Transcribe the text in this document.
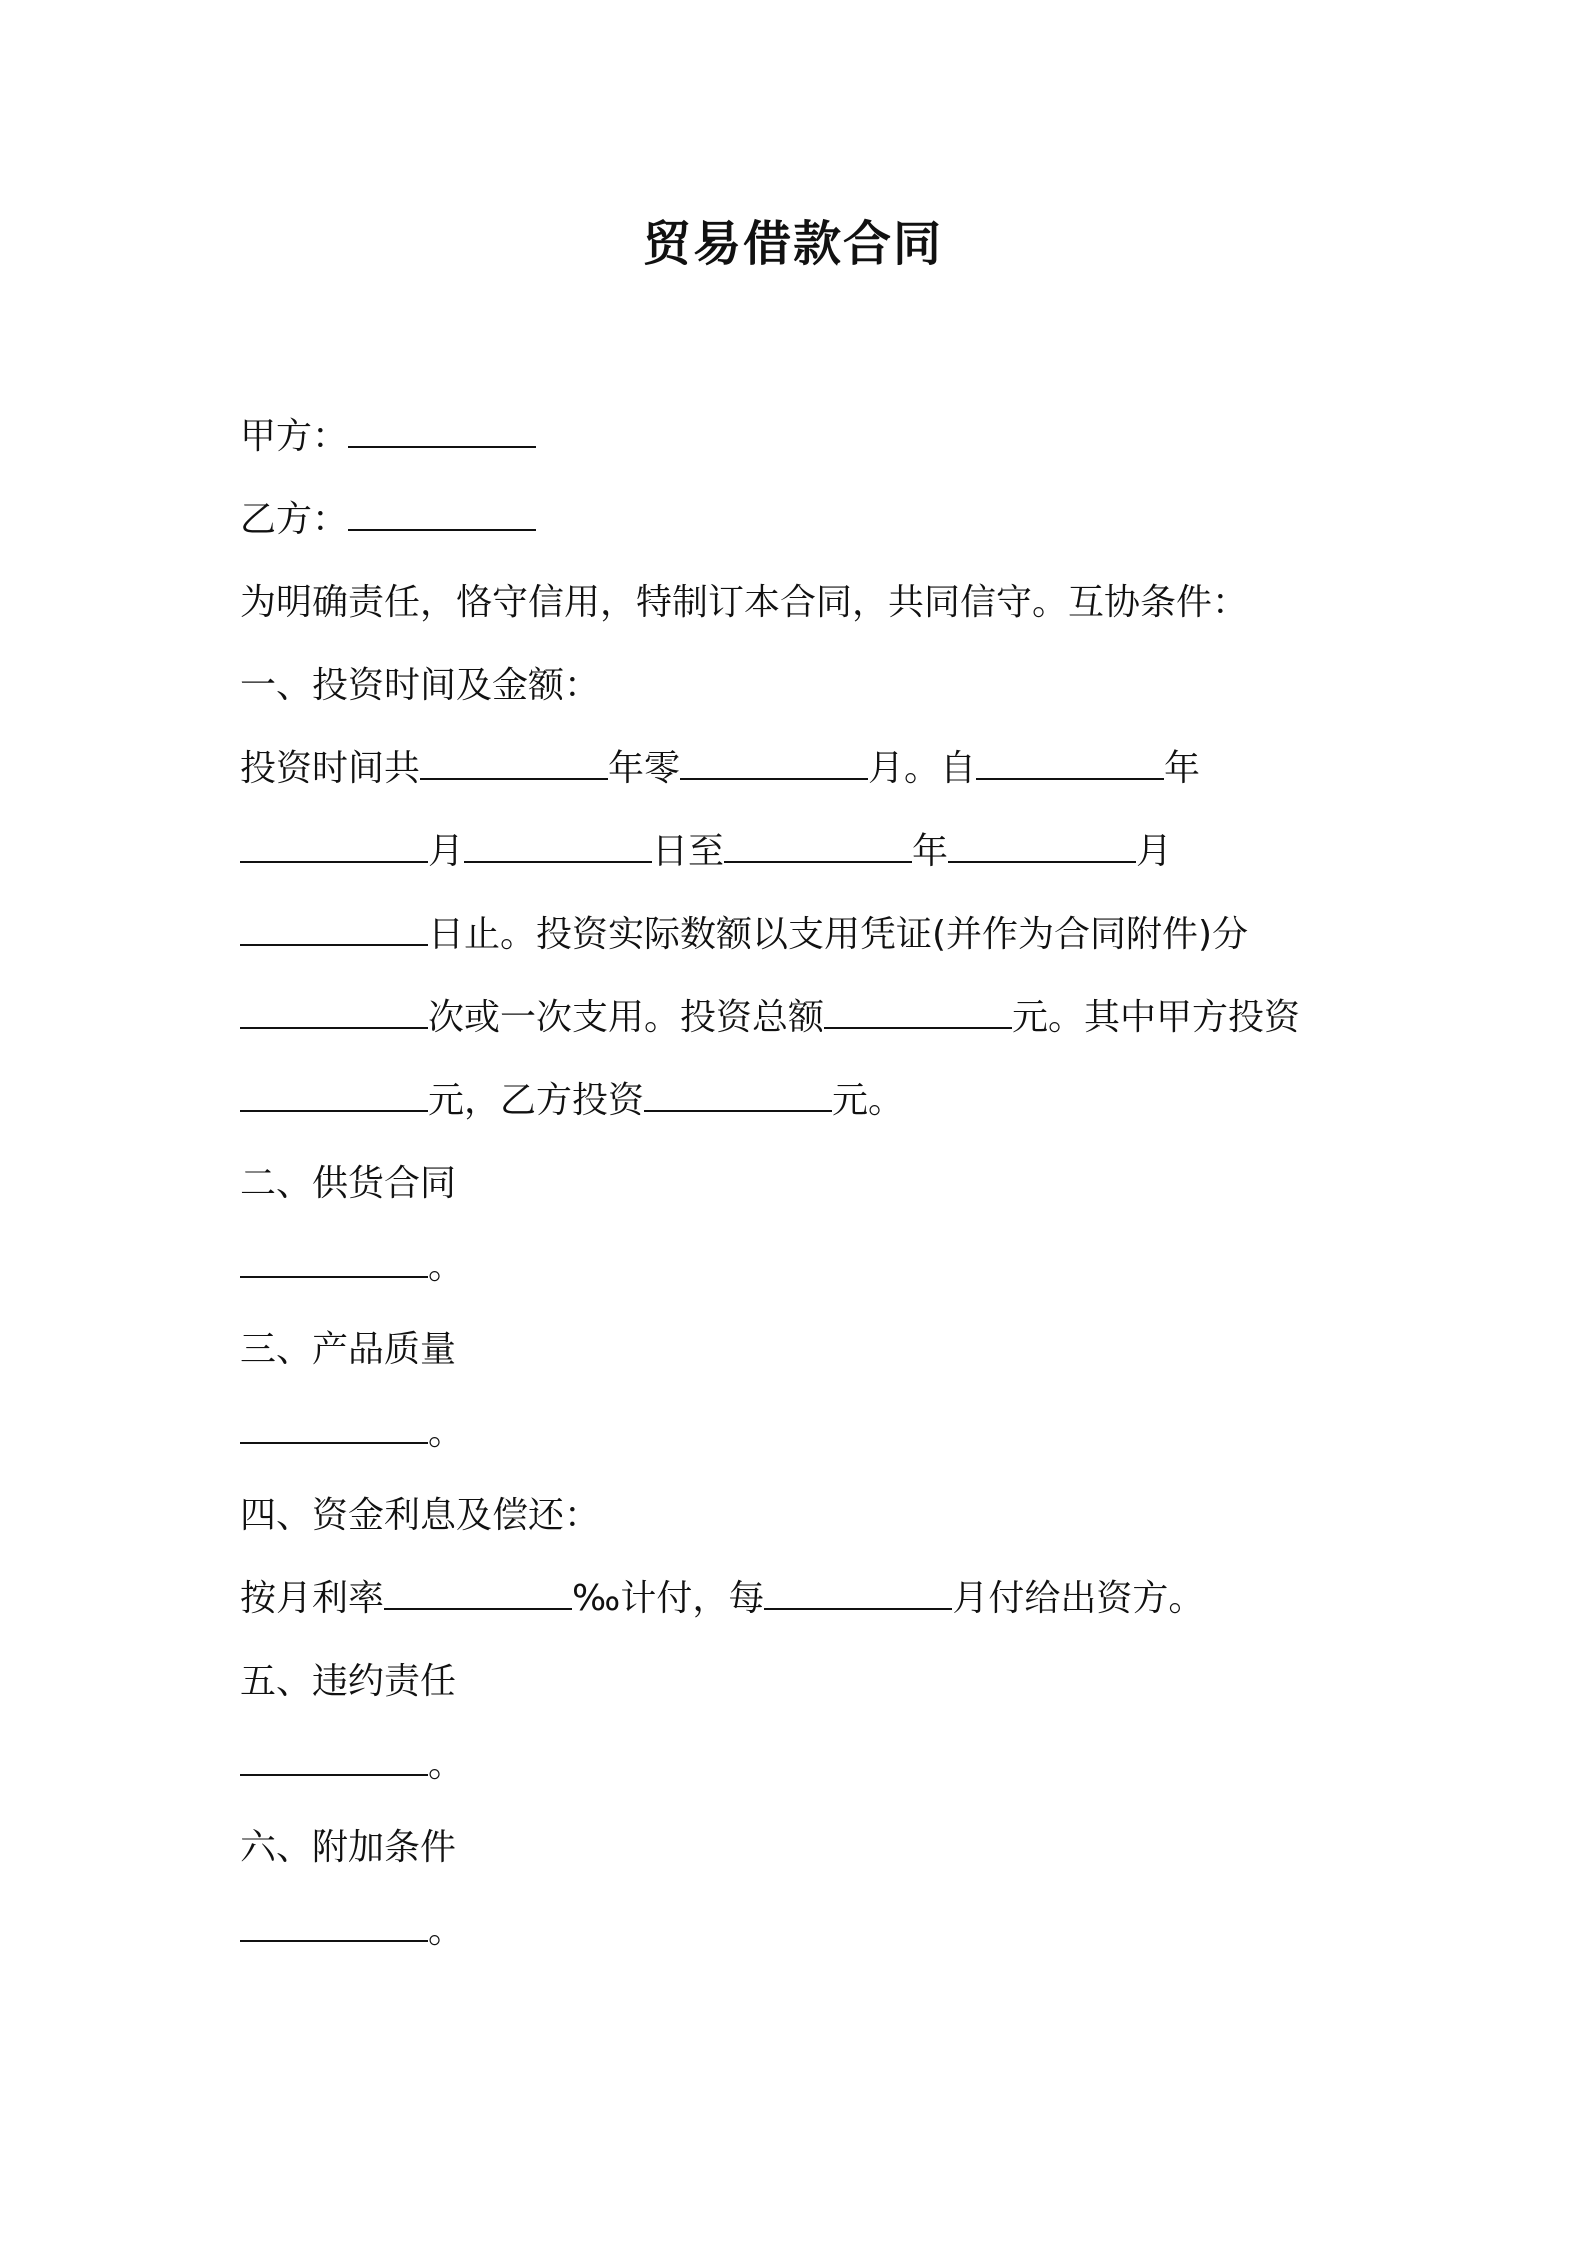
贸易借款合同
甲方：
乙方：
为明确责任，恪守信用，特制订本合同，共同信守。互协条件：
一、投资时间及金额：
投资时间共	年零	月。自	年
月	日至	年	月
日止。投资实际数额以支用凭证(并作为合同附件)分
次或一次支用。投资总额	元。其中甲方投资
元，乙方投资	元。
二、供货合同
。
三、产品质量
。
四、资金利息及偿还：
按月利率	‰计付，每	月付给出资方。
五、违约责任
。
六、附加条件
。
